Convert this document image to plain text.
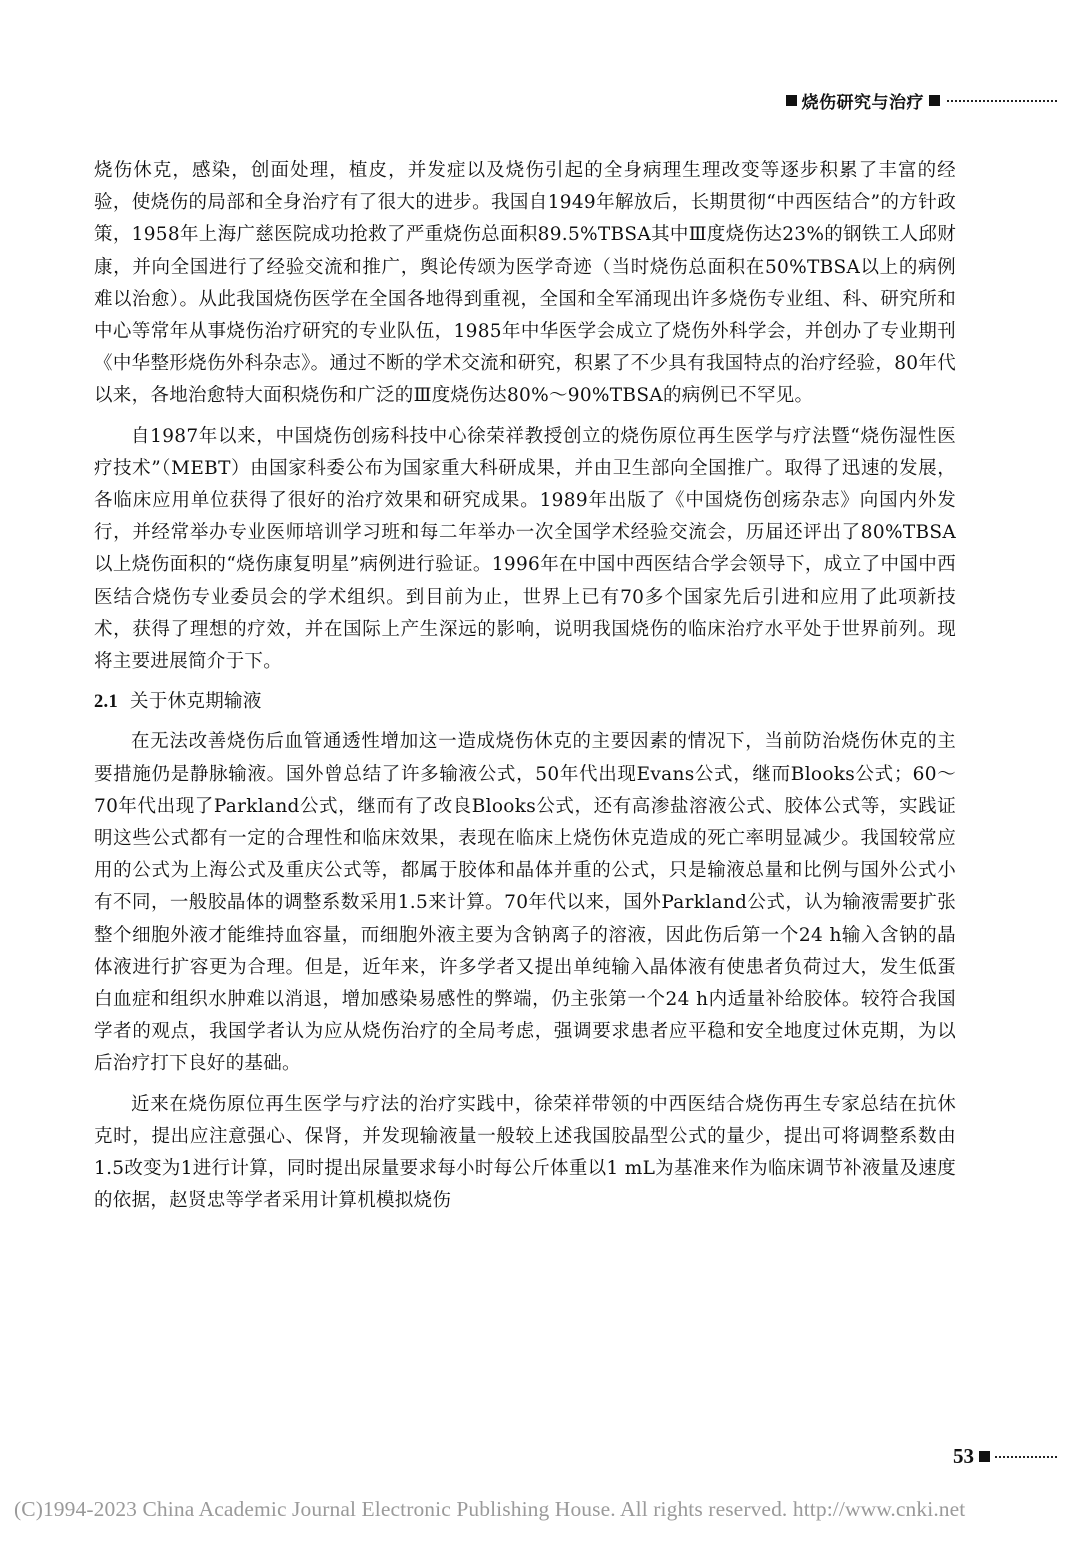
烧伤研究与治疗

烧伤休克，感染，创面处理，植皮，并发症以及烧伤引起的全身病理生理改变等逐步积累了丰富的经验，使烧伤的局部和全身治疗有了很大的进步。我国自1949年解放后，长期贯彻“中西医结合”的方针政策，1958年上海广慈医院成功抢救了严重烧伤总面积89.5%TBSA其中Ⅲ度烧伤达23%的钢铁工人邱财康，并向全国进行了经验交流和推广，舆论传颂为医学奇迹（当时烧伤总面积在50%TBSA以上的病例难以治愈）。从此我国烧伤医学在全国各地得到重视，全国和全军涌现出许多烧伤专业组、科、研究所和中心等常年从事烧伤治疗研究的专业队伍，1985年中华医学会成立了烧伤外科学会，并创办了专业期刊《中华整形烧伤外科杂志》。通过不断的学术交流和研究，积累了不少具有我国特点的治疗经验，80年代以来，各地治愈特大面积烧伤和广泛的Ⅲ度烧伤达80%～90%TBSA的病例已不罕见。

自1987年以来，中国烧伤创疡科技中心徐荣祥教授创立的烧伤原位再生医学与疗法暨“烧伤湿性医疗技术”（MEBT）由国家科委公布为国家重大科研成果，并由卫生部向全国推广。取得了迅速的发展，各临床应用单位获得了很好的治疗效果和研究成果。1989年出版了《中国烧伤创疡杂志》向国内外发行，并经常举办专业医师培训学习班和每二年举办一次全国学术经验交流会，历届还评出了80%TBSA以上烧伤面积的“烧伤康复明星”病例进行验证。1996年在中国中西医结合学会领导下，成立了中国中西医结合烧伤专业委员会的学术组织。到目前为止，世界上已有70多个国家先后引进和应用了此项新技术，获得了理想的疗效，并在国际上产生深远的影响，说明我国烧伤的临床治疗水平处于世界前列。现将主要进展简介于下。

2.1 关于休克期输液

在无法改善烧伤后血管通透性增加这一造成烧伤休克的主要因素的情况下，当前防治烧伤休克的主要措施仍是静脉输液。国外曾总结了许多输液公式，50年代出现Evans公式，继而Blooks公式；60～70年代出现了Parkland公式，继而有了改良Blooks公式，还有高渗盐溶液公式、胶体公式等，实践证明这些公式都有一定的合理性和临床效果，表现在临床上烧伤休克造成的死亡率明显减少。我国较常应用的公式为上海公式及重庆公式等，都属于胶体和晶体并重的公式，只是输液总量和比例与国外公式小有不同，一般胶晶体的调整系数采用1.5来计算。70年代以来，国外Parkland公式，认为输液需要扩张整个细胞外液才能维持血容量，而细胞外液主要为含钠离子的溶液，因此伤后第一个24 h输入含钠的晶体液进行扩容更为合理。但是，近年来，许多学者又提出单纯输入晶体液有使患者负荷过大，发生低蛋白血症和组织水肿难以消退，增加感染易感性的弊端，仍主张第一个24 h内适量补给胶体。较符合我国学者的观点，我国学者认为应从烧伤治疗的全局考虑，强调要求患者应平稳和安全地度过休克期，为以后治疗打下良好的基础。

近来在烧伤原位再生医学与疗法的治疗实践中，徐荣祥带领的中西医结合烧伤再生专家总结在抗休克时，提出应注意强心、保肾，并发现输液量一般较上述我国胶晶型公式的量少，提出可将调整系数由1.5改变为1进行计算，同时提出尿量要求每小时每公斤体重以1 mL为基准来作为临床调节补液量及速度的依据，赵贤忠等学者采用计算机模拟烧伤

53
(C)1994-2023 China Academic Journal Electronic Publishing House. All rights reserved. http://www.cnki.net
